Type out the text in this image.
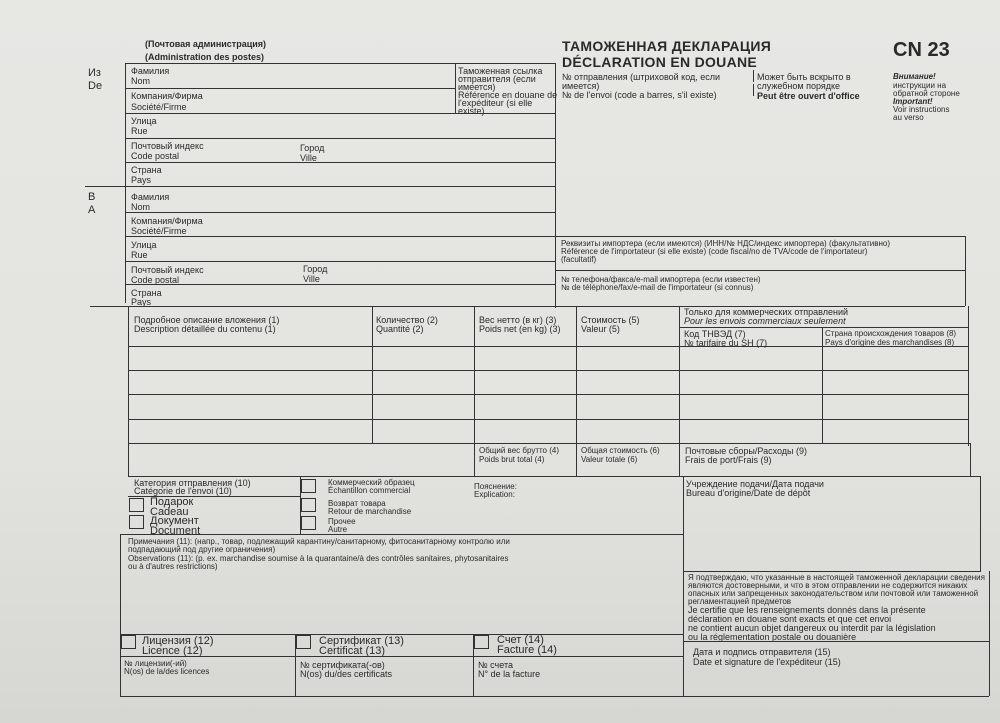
(Почтовая администрация)
(Administration des postes)
ТАМОЖЕННАЯ ДЕКЛАРАЦИЯ
DÉCLARATION EN DOUANE
CN 23
Таможенная ссылка
отправителя (если
имеется)
Référence en douane de
l'expéditeur (si elle
existe)
№ отправления (штриховой код, если
имеется)
№ de l'envoi (code a barres, s'il existe)
Может быть вскрыто в
служебном порядке
Peut être ouvert d'office
Внимание!
инструкции на
обратной стороне
Important!
Voir instructions
au verso
Из
De
Фамилия
Nom
Компания/Фирма
Société/Firme
Улица
Rue
Почтовый индекс
Code postal
Город
Ville
Страна
Pays
В
A
Фамилия
Nom
Компания/Фирма
Société/Firme
Улица
Rue
Почтовый индекс
Code postal
Город
Ville
Страна
Pays
Реквизиты импортера (если имеются) (ИНН/№ НДС/индекс импортера) (факультативно)
Référence de l'importateur (si elle existe) (code fiscal/no de TVA/code de l'importateur)
(facultatif)
№ телефона/факса/e-mail импортера (если известен)
№ de téléphone/fax/e-mail de l'importateur (si connus)
Подробное описание вложения (1)
Description détaillée du contenu (1)
Количество (2)
Quantité (2)
Вес нетто (в кг) (3)
Poids net (en kg) (3)
Стоимость (5)
Valeur (5)
Только для коммерческих отправлений
Pour les envois commerciaux seulement
Код ТНВЭД (7)
№ tarifaire du SH (7)
Страна происхождения товаров (8)
Pays d'origine des marchandises (8)
Общий вес брутто (4)
Poids brut total (4)
Общая стоимость (6)
Valeur totale (6)
Почтовые сборы/Расходы (9)
Frais de port/Frais (9)
Категория отправления (10)
Catégorie de l'envoi (10)
Подарок
Cadeau
Документ
Document
Коммерческий образец
Échantillon commercial
Возврат товара
Retour de marchandise
Прочее
Autre
Пояснение:
Explication:
Учреждение подачи/Дата подачи
Bureau d'origine/Date de dépôt
Примечания (11): (напр., товар, подлежащий карантину/санитарному, фитосанитарному контролю или
подпадающий под другие ограничения)
Observations (11): (p. ex. marchandise soumise à la quarantaine/à des contrôles sanitaires, phytosanitaires
ou à d'autres restrictions)
Я подтверждаю, что указанные в настоящей таможенной декларации сведения
являются достоверными, и что в этом отправлении не содержится никаких
опасных или запрещенных законодательством или почтовой или таможенной
регламентацией предметов
Je certifie que les renseignements donnés dans la présente
déclaration en douane sont exacts et que cet envoi
ne contient aucun objet dangereux ou interdit par la législation
ou la réglementation postale ou douanière
Лицензия (12)
Licence (12)
№ лицензии(-ий)
N(os) de la/des licences
Сертификат (13)
Certificat (13)
№ сертификата(-ов)
N(os) du/des certificats
Счет (14)
Facture (14)
№ счета
N° de la facture
Дата и подпись отправителя (15)
Date et signature de l'expéditeur (15)
